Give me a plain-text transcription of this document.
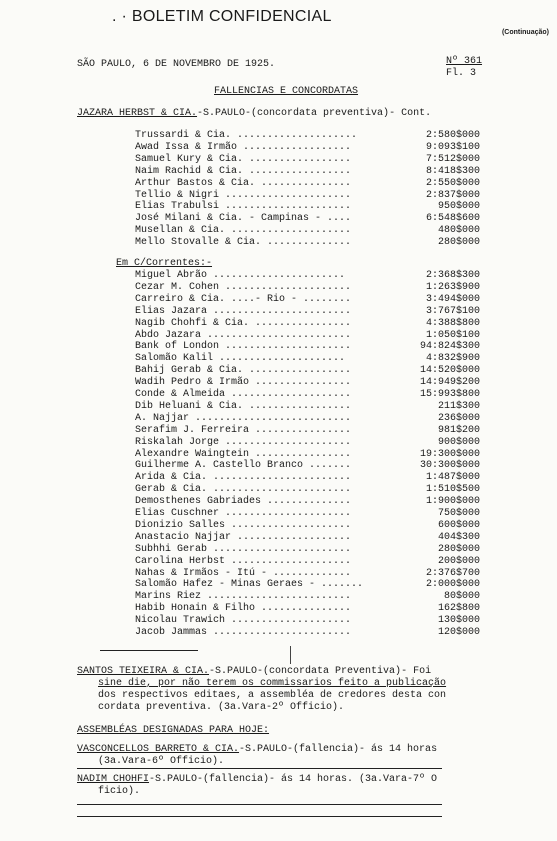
. · BOLETIM CONFIDENCIAL
(Continuação)
SÃO PAULO, 6 DE NOVEMBRO DE 1925.	Nº 361
Fl. 3
FALLENCIAS E CONCORDATAS
JAZARA HERBST & CIA.-S.PAULO-(concordata preventiva)- Cont.
Trussardi & Cia. ....................	2:580$000
Awad Issa & Irmão ..................	9:093$100
Samuel Kury & Cia. .................	7:512$000
Naim Rachid & Cia. .................	8:418$300
Arthur Bastos & Cia. ...............	2:550$000
Tellio & Nigri .....................	2:837$000
Elias Trabulsi .....................	950$000
José Milani & Cia. - Campinas - ....	6:548$600
Musellan & Cia. ....................	480$000
Mello Stovalle & Cia. ..............	280$000
Em C/Correntes:-
Miguel Abrão ......................	2:368$300
Cezar M. Cohen .....................	1:263$900
Carreiro & Cia. ....- Rio - ........	3:494$000
Elias Jazara .......................	3:767$100
Nagib Chohfi & Cia. ................	4:388$800
Abdo Jazara ........................	1:050$100
Bank of London .....................	94:824$300
Salomão Kalil .....................	4:832$900
Bahij Gerab & Cia. .................	14:520$000
Wadih Pedro & Irmão ................	14:949$200
Conde & Almeida ....................	15:993$800
Dib Heluani & Cia. .................	211$300
A. Najjar ..........................	236$000
Serafim J. Ferreira ................	981$200
Riskalah Jorge .....................	900$000
Alexandre Waingtein ................	19:300$000
Guilherme A. Castello Branco .......	30:300$000
Arida & Cia. .......................	1:487$000
Gerab & Cia. .......................	1:510$500
Demosthenes Gabriades ..............	1:900$000
Elias Cuschner .....................	750$000
Dionizio Salles ....................	600$000
Anastacio Najjar ...................	404$300
Subhhi Gerab .......................	280$000
Carolina Herbst ....................	200$000
Nahas & Irmãos - Itú - .............	2:376$700
Salomão Hafez - Minas Geraes - .......	2:000$000
Marins Riez ........................	80$000
Habib Honain & Filho ...............	162$800
Nicolau Trawich ....................	130$000
Jacob Jammas .......................	120$000
SANTOS TEIXEIRA & CIA.-S.PAULO-(concordata Preventiva)- Foi
sine die, por não terem os commissarios feito a publicação
dos respectivos editaes, a assembléa de credores desta con
cordata preventiva. (3a.Vara-2º Officio).
ASSEMBLÉAS DESIGNADAS PARA HOJE:
VASCONCELLOS BARRETO & CIA.-S.PAULO-(fallencia)- ás 14 horas
(3a.Vara-6º Officio).
NADIM CHOHFI-S.PAULO-(fallencia)- ás 14 horas. (3a.Vara-7º O
ficio).
